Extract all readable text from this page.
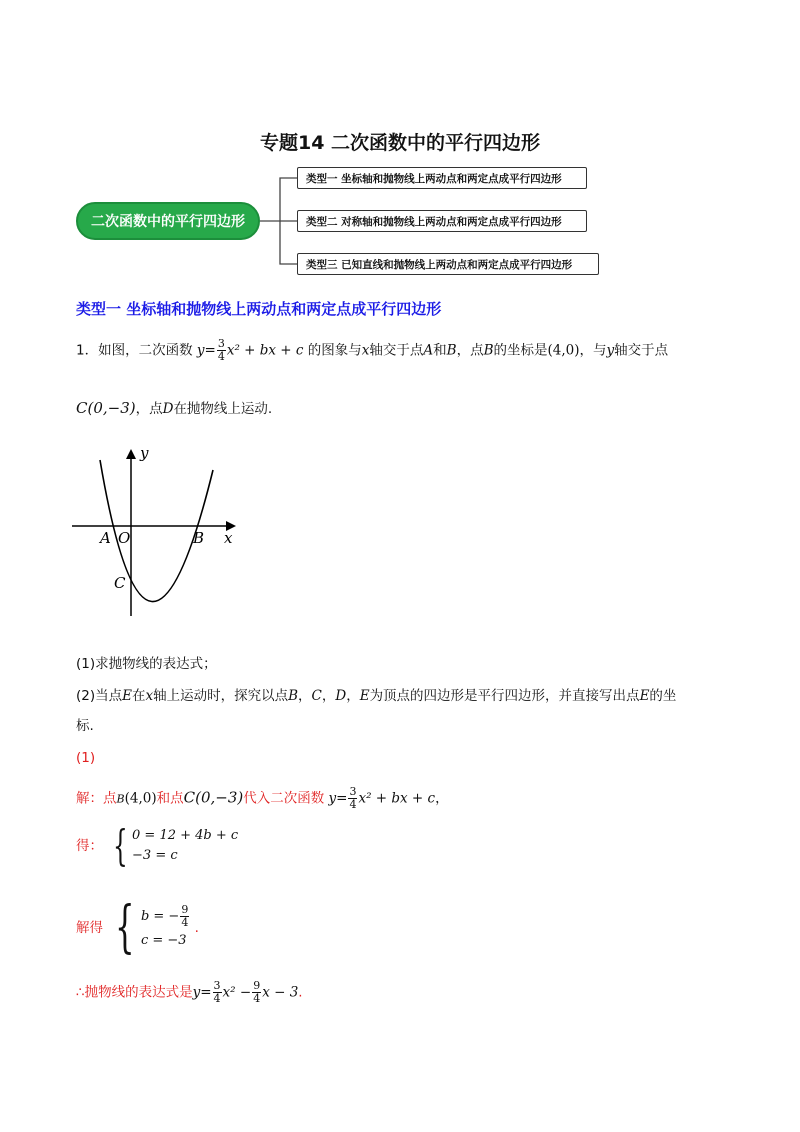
专题14 二次函数中的平行四边形
二次函数中的平行四边形
类型一 坐标轴和抛物线上两动点和两定点成平行四边形
类型二 对称轴和抛物线上两动点和两定点成平行四边形
类型三 已知直线和抛物线上两动点和两定点成平行四边形
类型一 坐标轴和抛物线上两动点和两定点成平行四边形
1．如图，二次函数 $y= \frac{3}{4} x^2$ + bx + c 的图象与x轴交于点A和B，点B的坐标是(4,0)，与y轴交于点
C(0,−3)，点D在抛物线上运动.
y
x
A O	B
C
(1)求抛物线的表达式；
(2)当点E在x轴上运动时，探究以点B，C，D，E为顶点的四边形是平行四边形，并直接写出点E的坐
标.
(1)
解：点B(4,0)和点C(0,−3)代入二次函数 $y= \frac{3}{4} x^2$ + bx + c，
得： { 0 = 12 + 4b + c
−3 = c
解得 { b = − $\frac{9}{4}$
c = −3
.
∴抛物线的表达式是$y= \frac{3}{4} x^2 - \frac{9}{4}$ x − 3.
